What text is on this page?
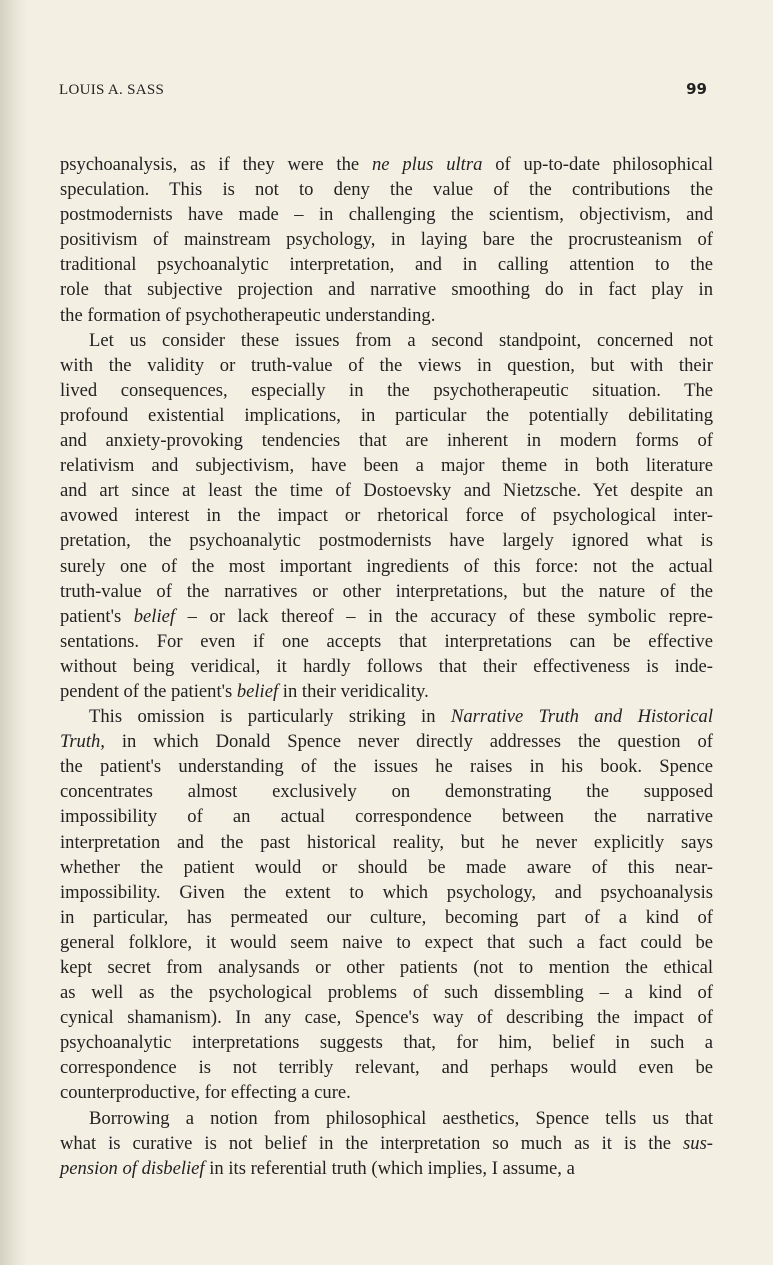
LOUIS A. SASS	99
psychoanalysis, as if they were the ne plus ultra of up-to-date philosophical
speculation. This is not to deny the value of the contributions the
postmodernists have made – in challenging the scientism, objectivism, and
positivism of mainstream psychology, in laying bare the procrusteanism of
traditional psychoanalytic interpretation, and in calling attention to the
role that subjective projection and narrative smoothing do in fact play in
the formation of psychotherapeutic understanding.
Let us consider these issues from a second standpoint, concerned not
with the validity or truth-value of the views in question, but with their
lived consequences, especially in the psychotherapeutic situation. The
profound existential implications, in particular the potentially debilitating
and anxiety-provoking tendencies that are inherent in modern forms of
relativism and subjectivism, have been a major theme in both literature
and art since at least the time of Dostoevsky and Nietzsche. Yet despite an
avowed interest in the impact or rhetorical force of psychological inter-
pretation, the psychoanalytic postmodernists have largely ignored what is
surely one of the most important ingredients of this force: not the actual
truth-value of the narratives or other interpretations, but the nature of the
patient's belief – or lack thereof – in the accuracy of these symbolic repre-
sentations. For even if one accepts that interpretations can be effective
without being veridical, it hardly follows that their effectiveness is inde-
pendent of the patient's belief in their veridicality.
This omission is particularly striking in Narrative Truth and Historical
Truth, in which Donald Spence never directly addresses the question of
the patient's understanding of the issues he raises in his book. Spence
concentrates almost exclusively on demonstrating the supposed
impossibility of an actual correspondence between the narrative
interpretation and the past historical reality, but he never explicitly says
whether the patient would or should be made aware of this near-
impossibility. Given the extent to which psychology, and psychoanalysis
in particular, has permeated our culture, becoming part of a kind of
general folklore, it would seem naive to expect that such a fact could be
kept secret from analysands or other patients (not to mention the ethical
as well as the psychological problems of such dissembling – a kind of
cynical shamanism). In any case, Spence's way of describing the impact of
psychoanalytic interpretations suggests that, for him, belief in such a
correspondence is not terribly relevant, and perhaps would even be
counterproductive, for effecting a cure.
Borrowing a notion from philosophical aesthetics, Spence tells us that
what is curative is not belief in the interpretation so much as it is the sus-
pension of disbelief in its referential truth (which implies, I assume, a
